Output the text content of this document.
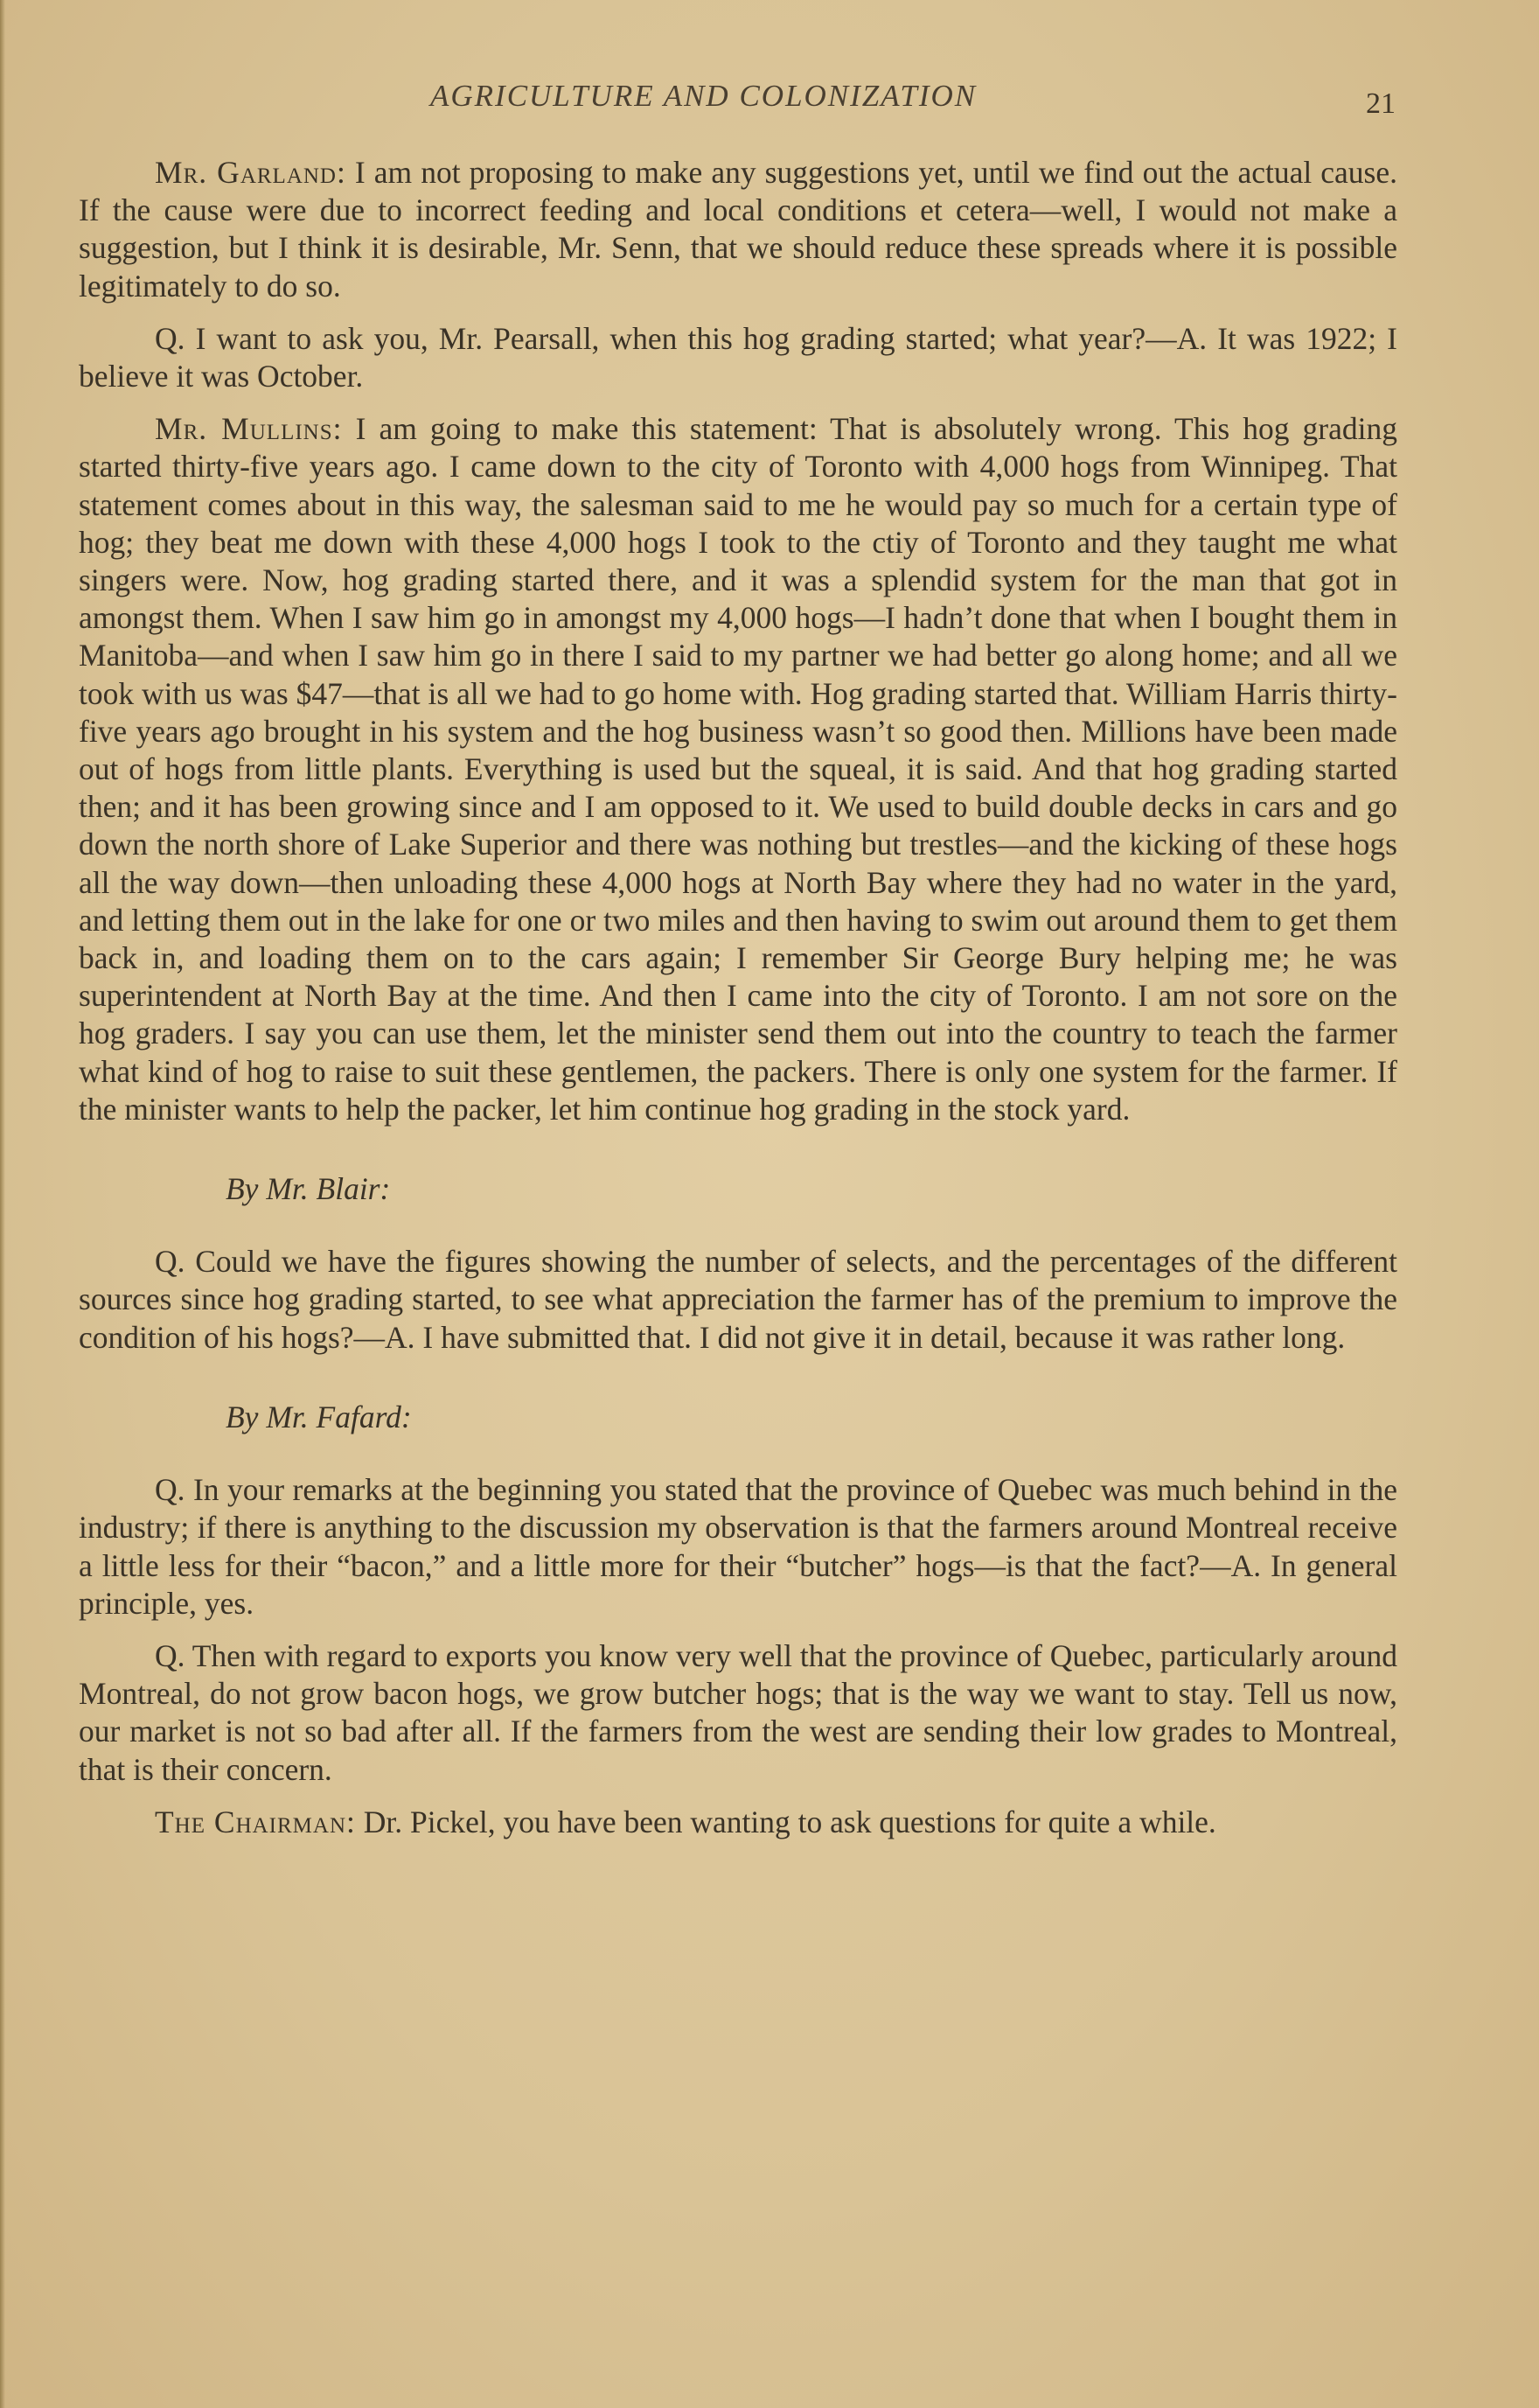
AGRICULTURE AND COLONIZATION	21

Mr. Garland: I am not proposing to make any suggestions yet, until we find out the actual cause. If the cause were due to incorrect feeding and local conditions et cetera—well, I would not make a suggestion, but I think it is desirable, Mr. Senn, that we should reduce these spreads where it is possible legitimately to do so.

Q. I want to ask you, Mr. Pearsall, when this hog grading started; what year?—A. It was 1922; I believe it was October.

Mr. Mullins: I am going to make this statement: That is absolutely wrong. This hog grading started thirty-five years ago. I came down to the city of Toronto with 4,000 hogs from Winnipeg. That statement comes about in this way, the salesman said to me he would pay so much for a certain type of hog; they beat me down with these 4,000 hogs I took to the ctiy of Toronto and they taught me what singers were. Now, hog grading started there, and it was a splendid system for the man that got in amongst them. When I saw him go in amongst my 4,000 hogs—I hadn’t done that when I bought them in Manitoba—and when I saw him go in there I said to my partner we had better go along home; and all we took with us was $47—that is all we had to go home with. Hog grading started that. William Harris thirty-five years ago brought in his system and the hog business wasn’t so good then. Millions have been made out of hogs from little plants. Everything is used but the squeal, it is said. And that hog grading started then; and it has been growing since and I am opposed to it. We used to build double decks in cars and go down the north shore of Lake Superior and there was nothing but trestles—and the kicking of these hogs all the way down—then unloading these 4,000 hogs at North Bay where they had no water in the yard, and letting them out in the lake for one or two miles and then having to swim out around them to get them back in, and loading them on to the cars again; I remember Sir George Bury helping me; he was superintendent at North Bay at the time. And then I came into the city of Toronto. I am not sore on the hog graders. I say you can use them, let the minister send them out into the country to teach the farmer what kind of hog to raise to suit these gentlemen, the packers. There is only one system for the farmer. If the minister wants to help the packer, let him continue hog grading in the stock yard.

By Mr. Blair:

Q. Could we have the figures showing the number of selects, and the percentages of the different sources since hog grading started, to see what appreciation the farmer has of the premium to improve the condition of his hogs?—A. I have submitted that. I did not give it in detail, because it was rather long.

By Mr. Fafard:

Q. In your remarks at the beginning you stated that the province of Quebec was much behind in the industry; if there is anything to the discussion my observation is that the farmers around Montreal receive a little less for their “bacon,” and a little more for their “butcher” hogs—is that the fact?—A. In general principle, yes.

Q. Then with regard to exports you know very well that the province of Quebec, particularly around Montreal, do not grow bacon hogs, we grow butcher hogs; that is the way we want to stay. Tell us now, our market is not so bad after all. If the farmers from the west are sending their low grades to Montreal, that is their concern.

The Chairman: Dr. Pickel, you have been wanting to ask questions for quite a while.
